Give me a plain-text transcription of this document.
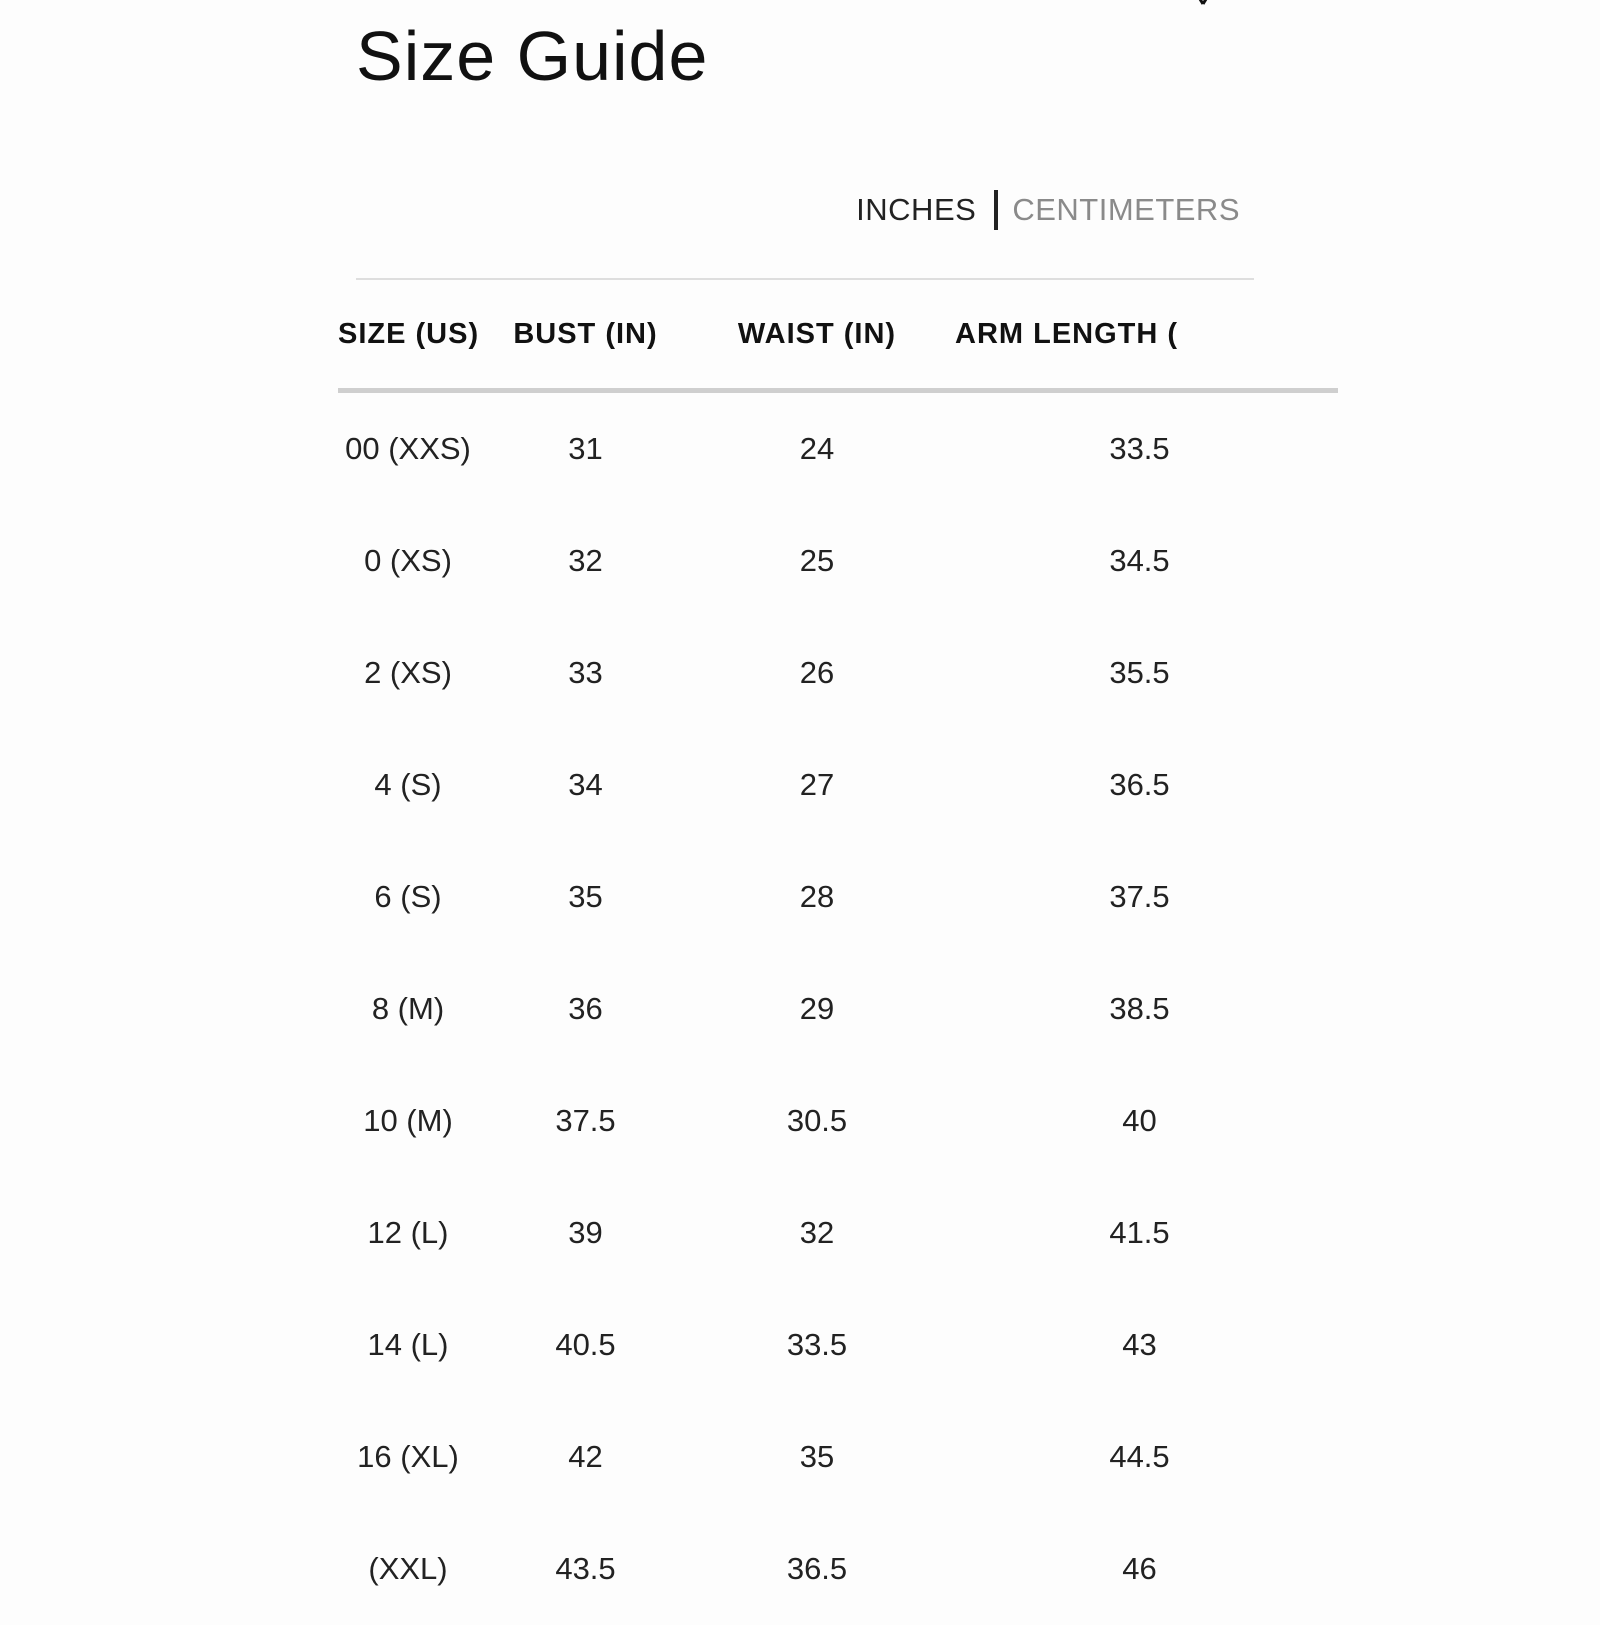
Size Guide
INCHES CENTIMETERS
SIZE (US)	BUST (IN)	WAIST (IN)	ARM LENGTH (

00 (XXS)	31	24	33.5
0 (XS)	32	25	34.5
2 (XS)	33	26	35.5
4 (S)	34	27	36.5
6 (S)	35	28	37.5
8 (M)	36	29	38.5
10 (M)	37.5	30.5	40
12 (L)	39	32	41.5
14 (L)	40.5	33.5	43
16 (XL)	42	35	44.5
(XXL)	43.5	36.5	46
